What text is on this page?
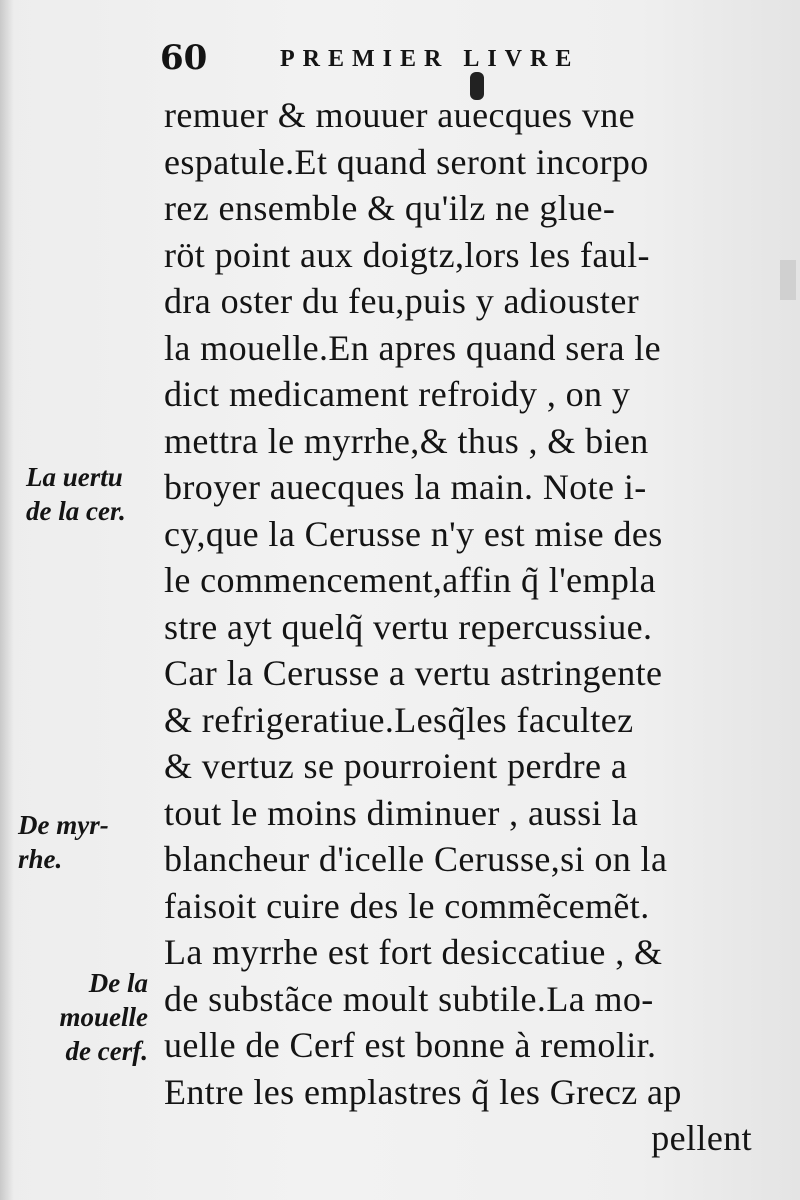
60	PREMIER LIVRE
remuer & mouuer auecques vne
espatule.Et quand seront incorpo
rez ensemble & qu'ilz ne glue-
röt point aux doigtz,lors les faul-
dra oster du feu,puis y adiouster
la mouelle.En apres quand sera le
dict medicament refroidy , on y
mettra le myrrhe,& thus , & bien
broyer auecques la main. Note i-
cy,que la Cerusse n'y est mise des
le commencement,affin q̃ l'empla
stre ayt quelq̃ vertu repercussiue.
Car la Cerusse a vertu astringente
& refrigeratiue.Lesq̃les facultez
& vertuz se pourroient perdre a
tout le moins diminuer , aussi la
blancheur d'icelle Cerusse,si on la
faisoit cuire des le commẽcemẽt.
La myrrhe est fort desiccatiue , &
de substãce moult subtile.La mo-
uelle de Cerf est bonne à remolir.
Entre les emplastres q̃ les Grecz ap
pellent
La uertu
de la cer.
De myr-
rhe.
De la
mouelle
de cerf.
